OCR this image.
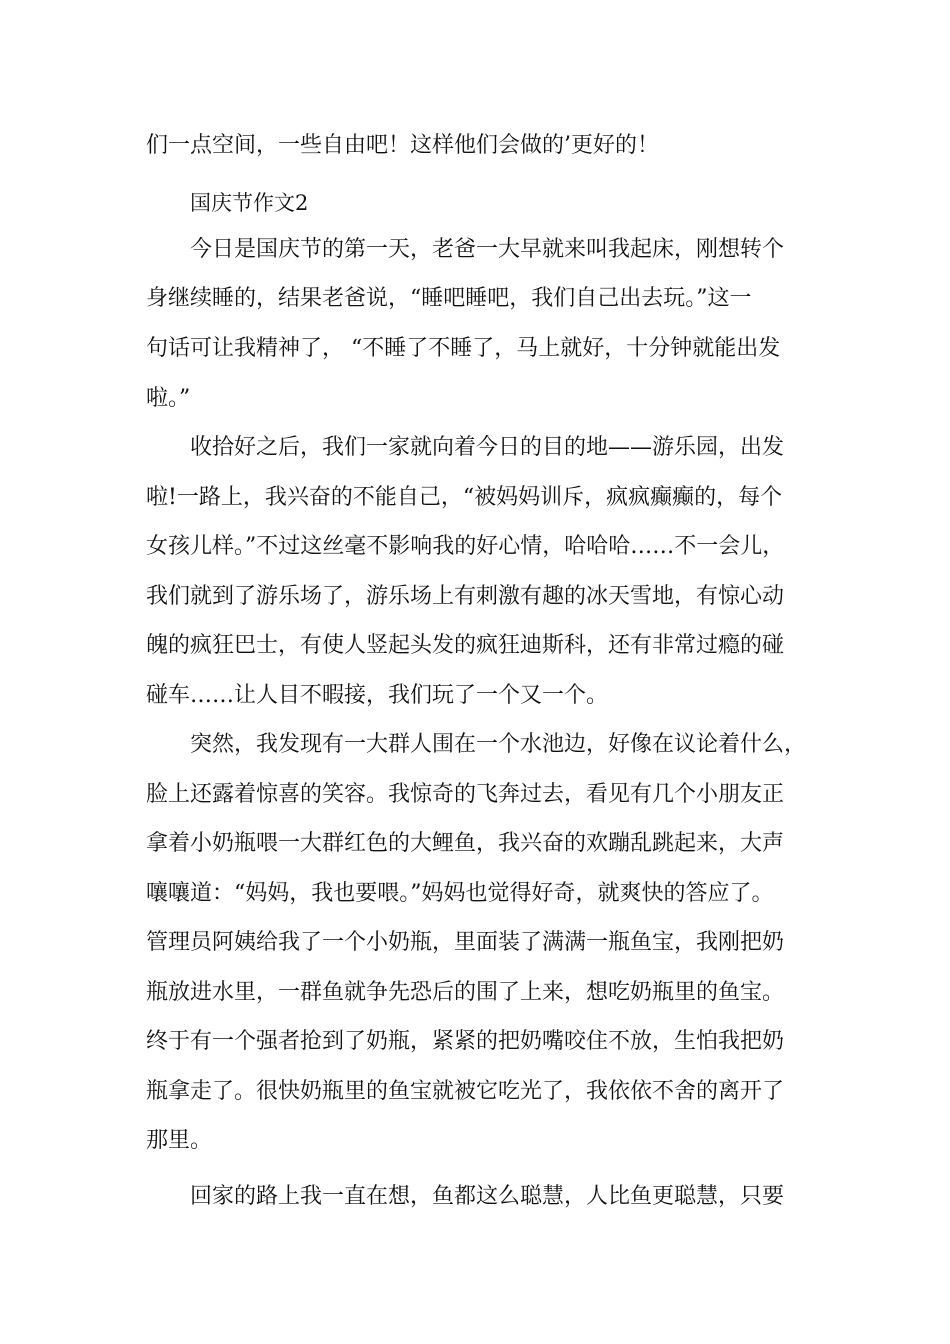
们一点空间，一些自由吧！这样他们会做的’更好的！
国庆节作文2
今日是国庆节的第一天，老爸一大早就来叫我起床，刚想转个
身继续睡的，结果老爸说，“睡吧睡吧，我们自己出去玩。”这一
句话可让我精神了， “不睡了不睡了，马上就好，十分钟就能出发
啦。”
收拾好之后，我们一家就向着今日的目的地——游乐园，出发
啦!一路上，我兴奋的不能自己，“被妈妈训斥，疯疯癫癫的，每个
女孩儿样。”不过这丝毫不影响我的好心情，哈哈哈……不一会儿，
我们就到了游乐场了，游乐场上有刺激有趣的冰天雪地，有惊心动
魄的疯狂巴士，有使人竖起头发的疯狂迪斯科，还有非常过瘾的碰
碰车……让人目不暇接，我们玩了一个又一个。
突然，我发现有一大群人围在一个水池边，好像在议论着什么，
脸上还露着惊喜的笑容。我惊奇的飞奔过去，看见有几个小朋友正
拿着小奶瓶喂一大群红色的大鲤鱼，我兴奋的欢蹦乱跳起来，大声
嚷嚷道：“妈妈，我也要喂。”妈妈也觉得好奇，就爽快的答应了。
管理员阿姨给我了一个小奶瓶，里面装了满满一瓶鱼宝，我刚把奶
瓶放进水里，一群鱼就争先恐后的围了上来，想吃奶瓶里的鱼宝。
终于有一个强者抢到了奶瓶，紧紧的把奶嘴咬住不放，生怕我把奶
瓶拿走了。很快奶瓶里的鱼宝就被它吃光了，我依依不舍的离开了
那里。
回家的路上我一直在想，鱼都这么聪慧，人比鱼更聪慧，只要
